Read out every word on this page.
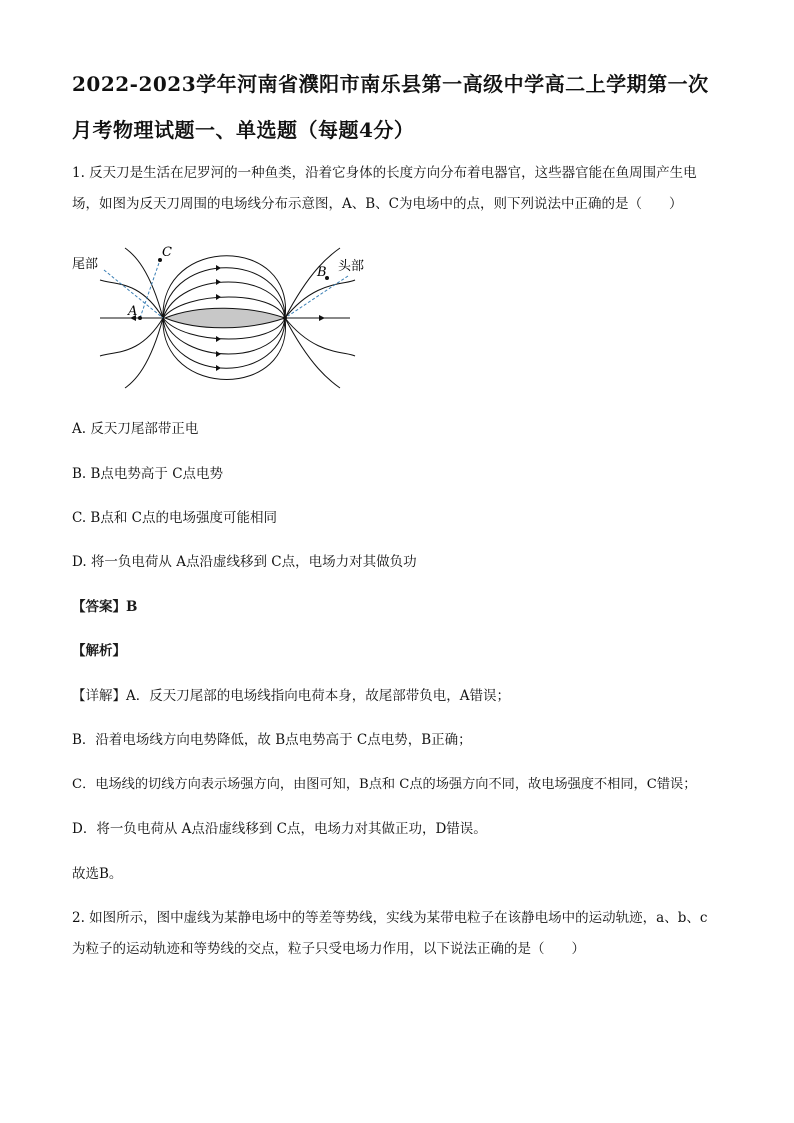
2022-2023学年河南省濮阳市南乐县第一高级中学高二上学期第一次
月考物理试题一、单选题（每题4分）
1. 反天刀是生活在尼罗河的一种鱼类，沿着它身体的长度方向分布着电器官，这些器官能在鱼周围产生电
场，如图为反天刀周围的电场线分布示意图，A、B、C为电场中的点，则下列说法中正确的是（　　）
尾部	头部
A
C
B
A. 反天刀尾部带正电
B. B点电势高于 C点电势
C. B点和 C点的电场强度可能相同
D. 将一负电荷从 A点沿虚线移到 C点，电场力对其做负功
【答案】B
【解析】
【详解】A．反天刀尾部的电场线指向电荷本身，故尾部带负电，A错误；
B．沿着电场线方向电势降低，故 B点电势高于 C点电势，B正确；
C．电场线的切线方向表示场强方向，由图可知，B点和 C点的场强方向不同，故电场强度不相同，C错误；
D．将一负电荷从 A点沿虚线移到 C点，电场力对其做正功，D错误。
故选B。
2. 如图所示，图中虚线为某静电场中的等差等势线，实线为某带电粒子在该静电场中的运动轨迹，a、b、c
为粒子的运动轨迹和等势线的交点，粒子只受电场力作用，以下说法正确的是（　　）
